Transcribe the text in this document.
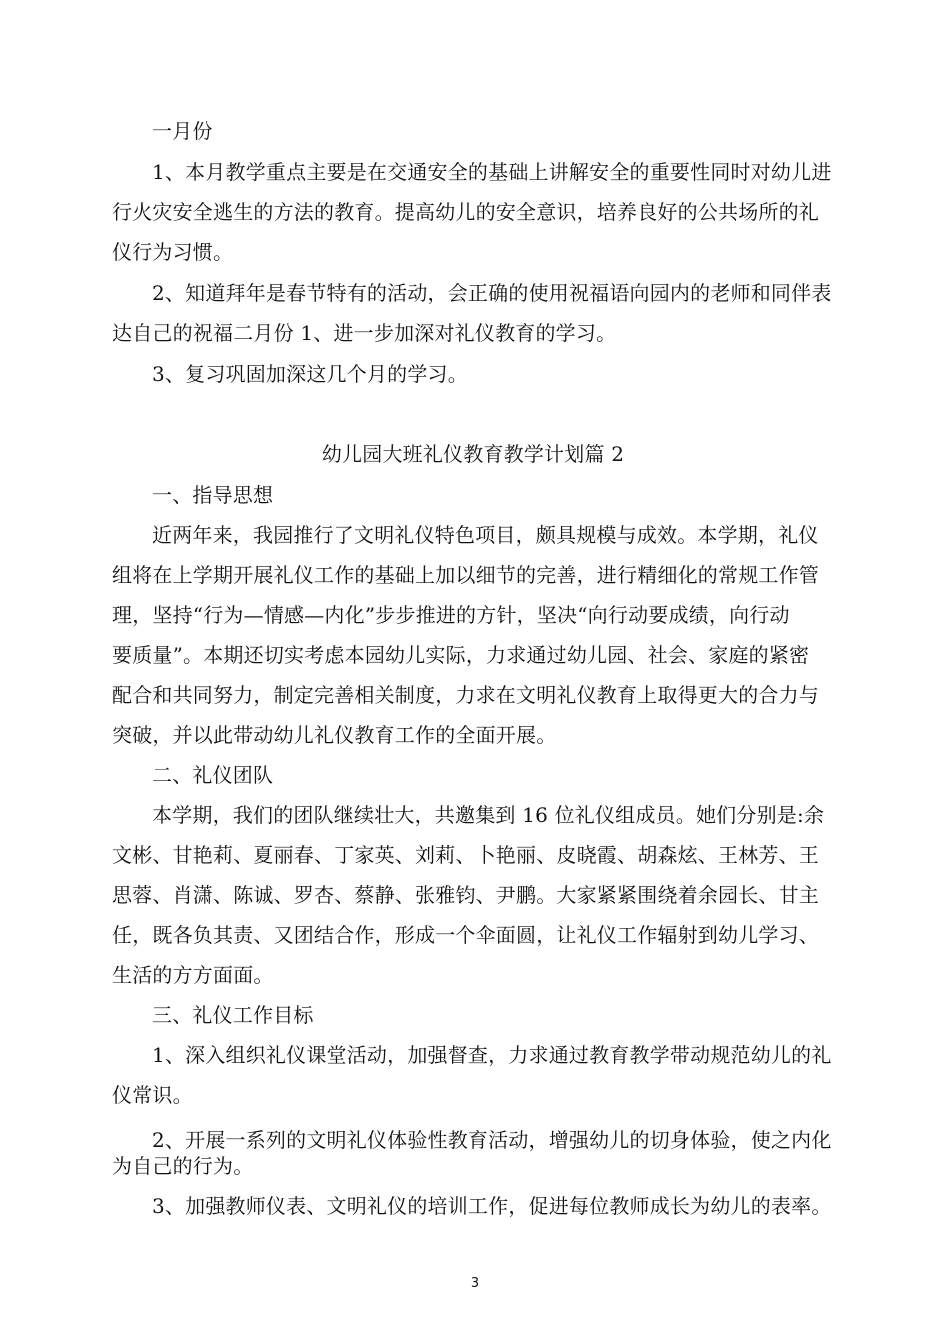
一月份
1、本月教学重点主要是在交通安全的基础上讲解安全的重要性同时对幼儿进
行火灾安全逃生的方法的教育。提高幼儿的安全意识，培养良好的公共场所的礼
仪行为习惯。
2、知道拜年是春节特有的活动，会正确的使用祝福语向园内的老师和同伴表
达自己的祝福二月份 1、进一步加深对礼仪教育的学习。
3、复习巩固加深这几个月的学习。
幼儿园大班礼仪教育教学计划篇 2
一、指导思想
近两年来，我园推行了文明礼仪特色项目，颇具规模与成效。本学期，礼仪
组将在上学期开展礼仪工作的基础上加以细节的完善，进行精细化的常规工作管
理，坚持“行为—情感—内化”步步推进的方针，坚决“向行动要成绩，向行动
要质量”。本期还切实考虑本园幼儿实际，力求通过幼儿园、社会、家庭的紧密
配合和共同努力，制定完善相关制度，力求在文明礼仪教育上取得更大的合力与
突破，并以此带动幼儿礼仪教育工作的全面开展。
二、礼仪团队
本学期，我们的团队继续壮大，共邀集到 16 位礼仪组成员。她们分别是:余
文彬、甘艳莉、夏丽春、丁家英、刘莉、卜艳丽、皮晓霞、胡森炫、王林芳、王
思蓉、肖潇、陈诚、罗杏、蔡静、张雅钧、尹鹏。大家紧紧围绕着余园长、甘主
任，既各负其责、又团结合作，形成一个伞面圆，让礼仪工作辐射到幼儿学习、
生活的方方面面。
三、礼仪工作目标
1、深入组织礼仪课堂活动，加强督查，力求通过教育教学带动规范幼儿的礼
仪常识。
2、开展一系列的文明礼仪体验性教育活动，增强幼儿的切身体验，使之内化
为自己的行为。
3、加强教师仪表、文明礼仪的培训工作，促进每位教师成长为幼儿的表率。
3
